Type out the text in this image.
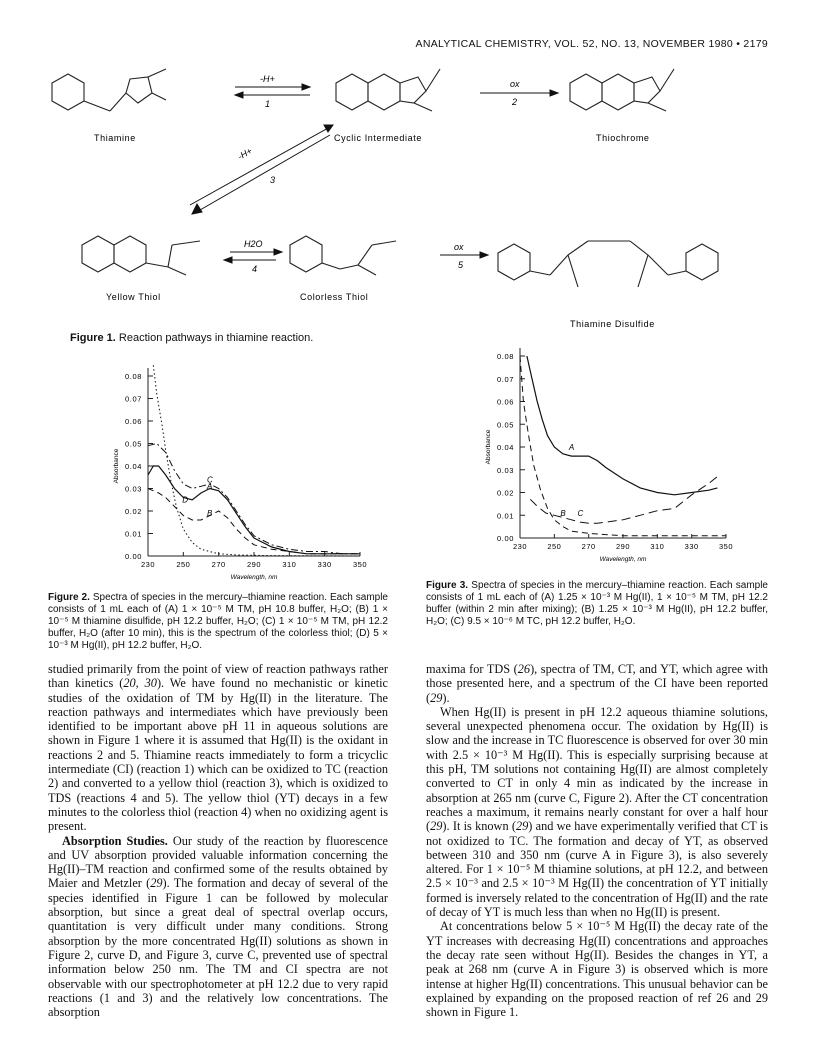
ANALYTICAL CHEMISTRY, VOL. 52, NO. 13, NOVEMBER 1980 • 2179
-H+
1
ox
2
-H+
3
H2O
4
ox
5
Thiamine	Cyclic Intermediate	Thiochrome
Yellow Thiol	Colorless Thiol
Thiamine Disulfide
Figure 1. Reaction pathways in thiamine reaction.
0.00
0.01
0.02
0.03
0.04
0.05
0.06
0.07
0.08
230	250	270	290	310	330	350
Wavelength, nm
Absorbance
A
B
C
D
0.00
0.01
0.02
0.03
0.04
0.05
0.06
0.07
0.08
230	250	270	290	310	330	350
Wavelength, nm
Absorbance	A
B C
Figure 2. Spectra of species in the mercury–thiamine reaction. Each sample consists of 1 mL each of (A) 1 × 10⁻⁵ M TM, pH 10.8 buffer, H₂O; (B) 1 × 10⁻⁵ M thiamine disulfide, pH 12.2 buffer, H₂O; (C) 1 × 10⁻⁵ M TM, pH 12.2 buffer, H₂O (after 10 min), this is the spectrum of the colorless thiol; (D) 5 × 10⁻³ M Hg(II), pH 12.2 buffer, H₂O.
Figure 3. Spectra of species in the mercury–thiamine reaction. Each sample consists of 1 mL each of (A) 1.25 × 10⁻³ M Hg(II), 1 × 10⁻⁵ M TM, pH 12.2 buffer (within 2 min after mixing); (B) 1.25 × 10⁻³ M Hg(II), pH 12.2 buffer, H₂O; (C) 9.5 × 10⁻⁶ M TC, pH 12.2 buffer, H₂O.

studied primarily from the point of view of reaction pathways rather than kinetics (20, 30). We have found no mechanistic or kinetic studies of the oxidation of TM by Hg(II) in the literature. The reaction pathways and intermediates which have previously been identified to be important above pH 11 in aqueous solutions are shown in Figure 1 where it is assumed that Hg(II) is the oxidant in reactions 2 and 5. Thiamine reacts immediately to form a tricyclic intermediate (CI) (reaction 1) which can be oxidized to TC (reaction 2) and converted to a yellow thiol (reaction 3), which is oxidized to TDS (reactions 4 and 5). The yellow thiol (YT) decays in a few minutes to the colorless thiol (reaction 4) when no oxidizing agent is present.

Absorption Studies. Our study of the reaction by fluorescence and UV absorption provided valuable information concerning the Hg(II)–TM reaction and confirmed some of the results obtained by Maier and Metzler (29). The formation and decay of several of the species identified in Figure 1 can be followed by molecular absorption, but since a great deal of spectral overlap occurs, quantitation is very difficult under many conditions. Strong absorption by the more concentrated Hg(II) solutions as shown in Figure 2, curve D, and Figure 3, curve C, prevented use of spectral information below 250 nm. The TM and CI spectra are not observable with our spectrophotometer at pH 12.2 due to very rapid reactions (1 and 3) and the relatively low concentrations. The absorption

maxima for TDS (26), spectra of TM, CT, and YT, which agree with those presented here, and a spectrum of the CI have been reported (29).

When Hg(II) is present in pH 12.2 aqueous thiamine solutions, several unexpected phenomena occur. The oxidation by Hg(II) is slow and the increase in TC fluorescence is observed for over 30 min with 2.5 × 10⁻³ M Hg(II). This is especially surprising because at this pH, TM solutions not containing Hg(II) are almost completely converted to CT in only 4 min as indicated by the increase in absorption at 265 nm (curve C, Figure 2). After the CT concentration reaches a maximum, it remains nearly constant for over a half hour (29). It is known (29) and we have experimentally verified that CT is not oxidized to TC. The formation and decay of YT, as observed between 310 and 350 nm (curve A in Figure 3), is also severely altered. For 1 × 10⁻⁵ M thiamine solutions, at pH 12.2, and between 2.5 × 10⁻³ and 2.5 × 10⁻³ M Hg(II) the concentration of YT initially formed is inversely related to the concentration of Hg(II) and the rate of decay of YT is much less than when no Hg(II) is present.

At concentrations below 5 × 10⁻⁵ M Hg(II) the decay rate of the YT increases with decreasing Hg(II) concentrations and approaches the decay rate seen without Hg(II). Besides the changes in YT, a peak at 268 nm (curve A in Figure 3) is observed which is more intense at higher Hg(II) concentrations. This unusual behavior can be explained by expanding on the proposed reaction of ref 26 and 29 shown in Figure 1.
